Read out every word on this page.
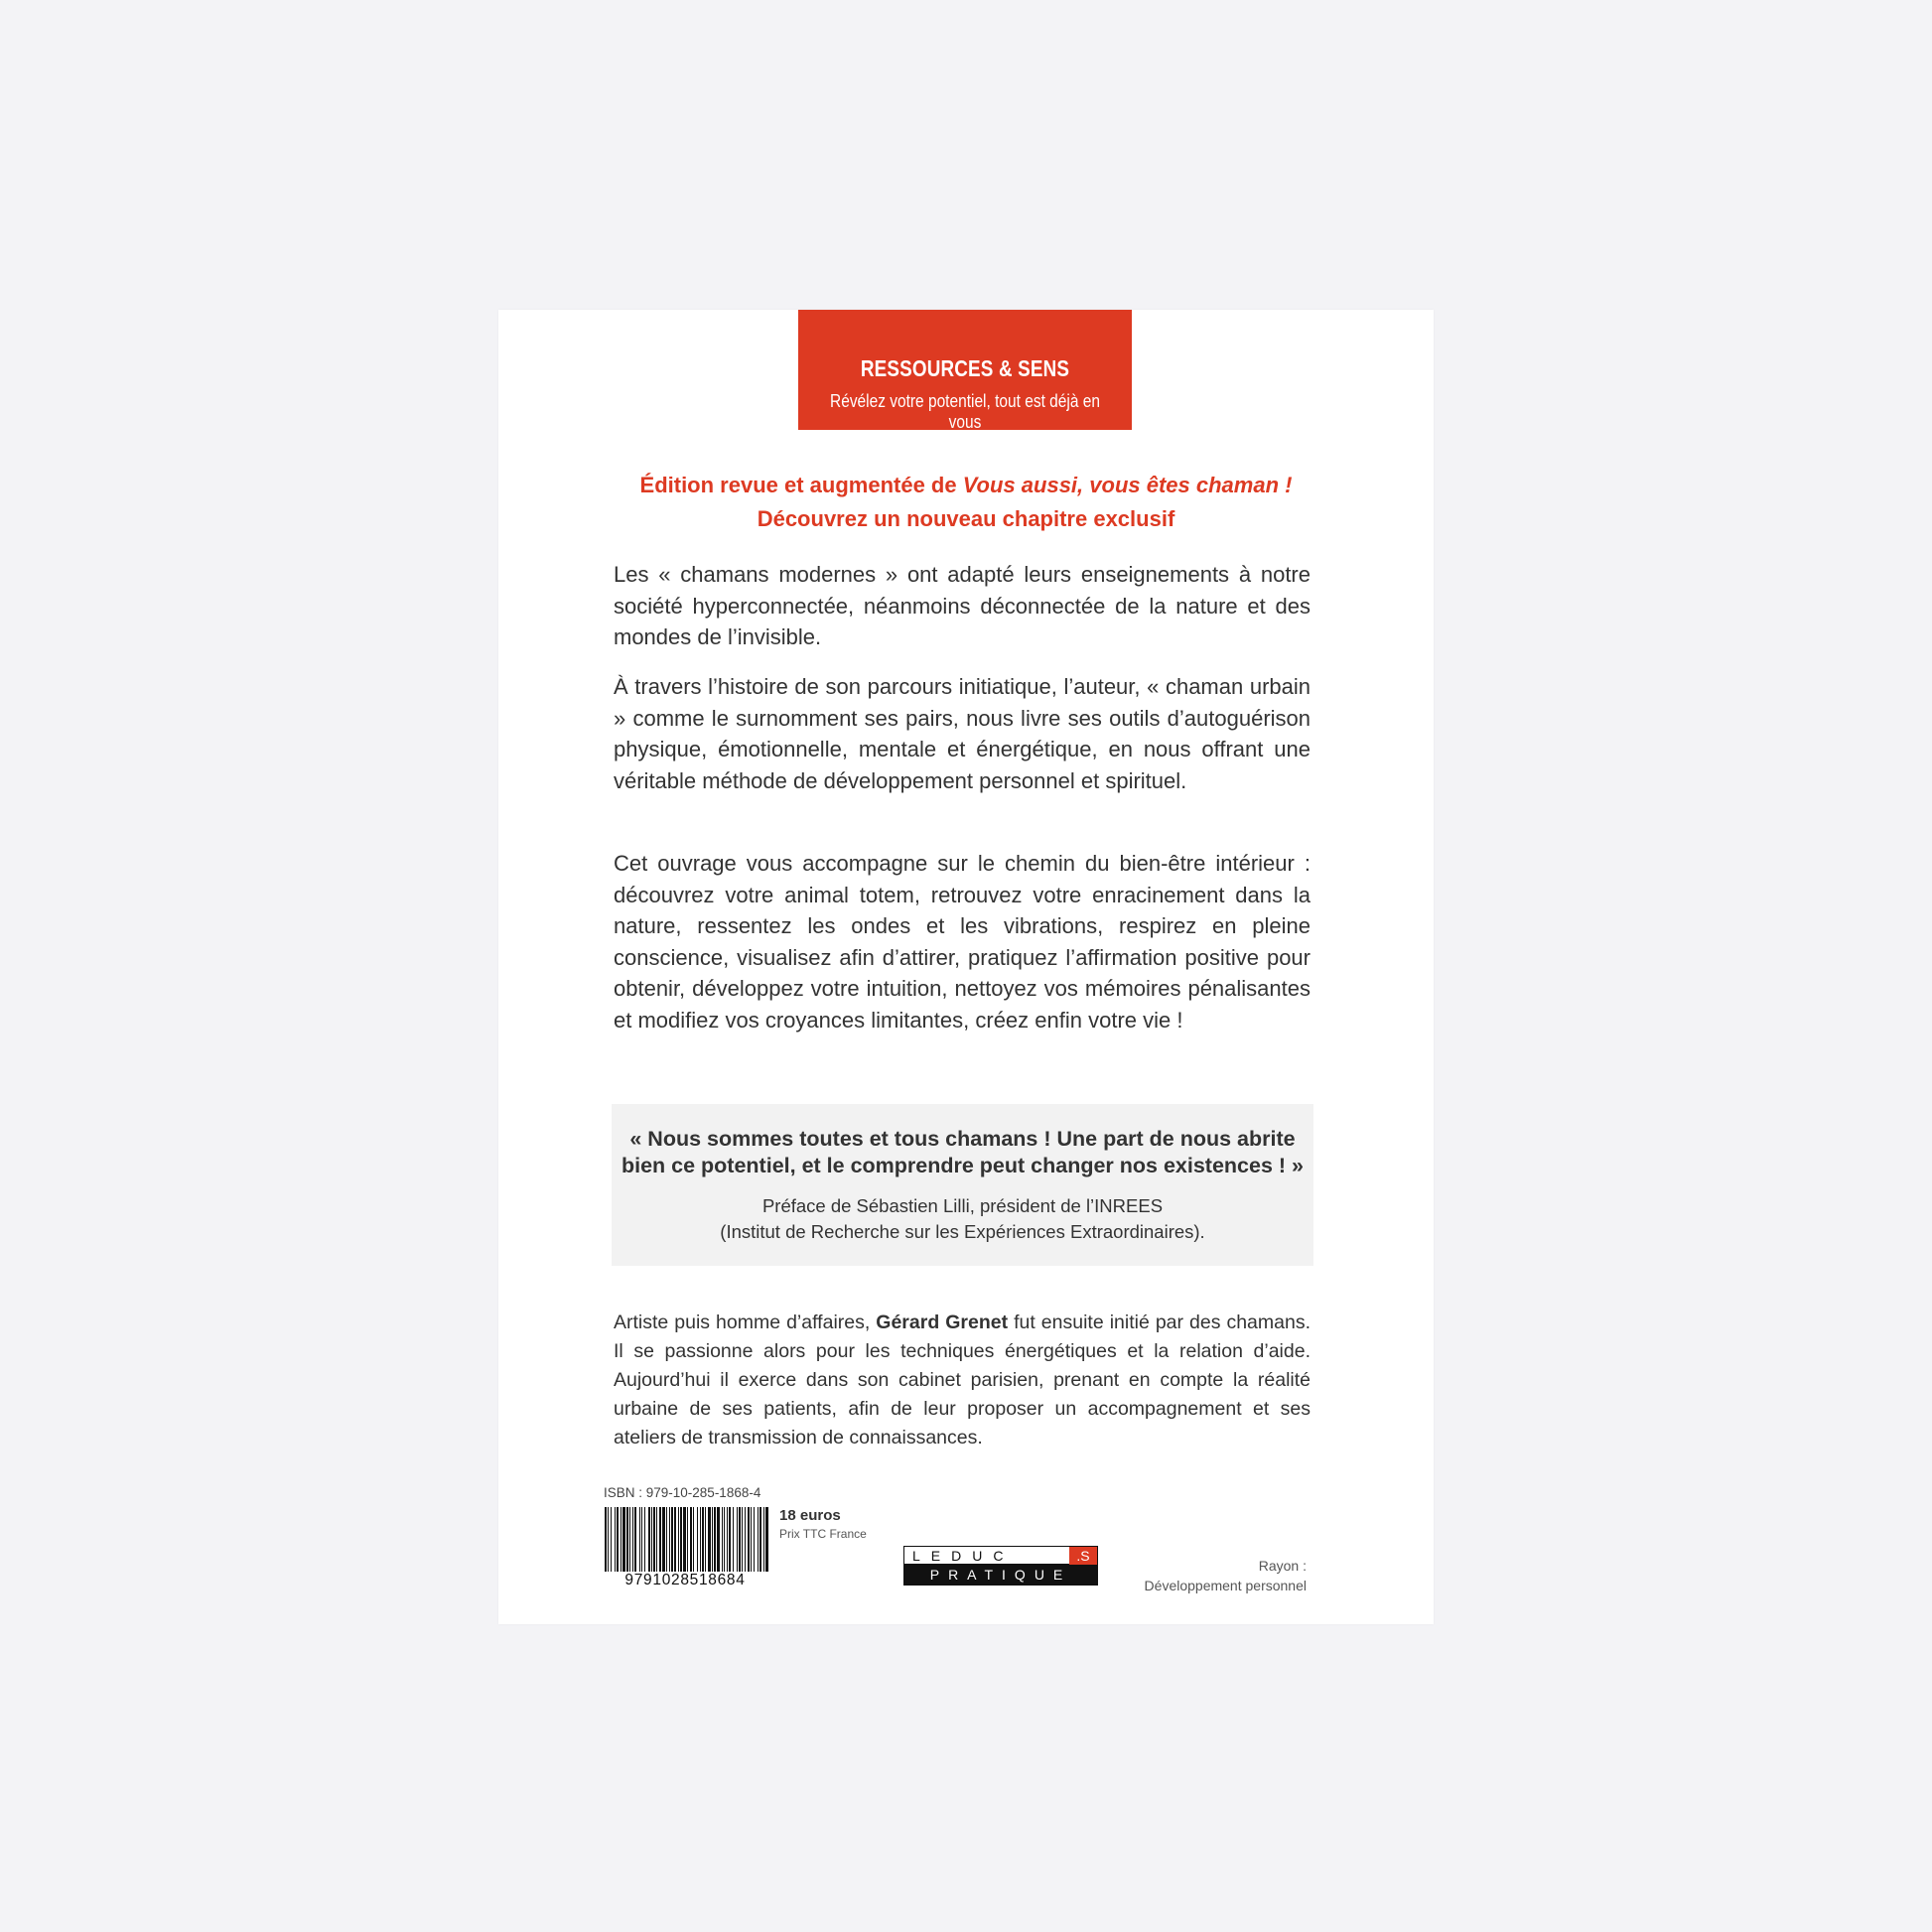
RESSOURCES & SENS
Révélez votre potentiel, tout est déjà en vous
Édition revue et augmentée de Vous aussi, vous êtes chaman !
Découvrez un nouveau chapitre exclusif
Les « chamans modernes » ont adapté leurs enseignements à notre société hyperconnectée, néanmoins déconnectée de la nature et des mondes de l’invisible.
À travers l’histoire de son parcours initiatique, l’auteur, « chaman urbain » comme le surnomment ses pairs, nous livre ses outils d’autoguérison physique, émotionnelle, mentale et énergétique, en nous offrant une véritable méthode de développement personnel et spirituel.
Cet ouvrage vous accompagne sur le chemin du bien-être intérieur : découvrez votre animal totem, retrouvez votre enracinement dans la nature, ressentez les ondes et les vibrations, respirez en pleine conscience, visualisez afin d’attirer, pratiquez l’affirmation positive pour obtenir, développez votre intuition, nettoyez vos mémoires pénalisantes et modifiez vos croyances limitantes, créez enfin votre vie !
« Nous sommes toutes et tous chamans ! Une part de nous abrite
bien ce potentiel, et le comprendre peut changer nos existences ! »
Préface de Sébastien Lilli, président de l’INREES
(Institut de Recherche sur les Expériences Extraordinaires).
Artiste puis homme d’affaires, Gérard Grenet fut ensuite initié par des chamans. Il se passionne alors pour les techniques énergétiques et la relation d’aide. Aujourd’hui il exerce dans son cabinet parisien, prenant en compte la réalité urbaine de ses patients, afin de leur proposer un accompagnement et ses ateliers de transmission de connaissances.
ISBN : 979-10-285-1868-4
9791028518684
18 euros
Prix TTC France
LEDUC	.S
PRATIQUE
Rayon :
Développement personnel
